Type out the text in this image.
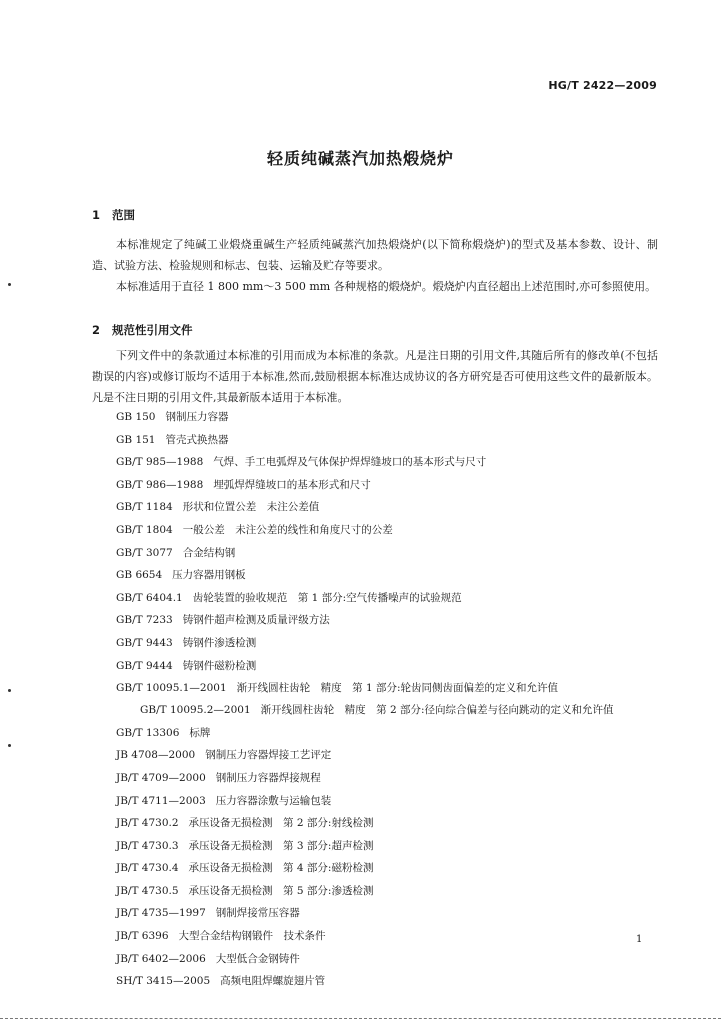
HG/T 2422—2009
轻质纯碱蒸汽加热煅烧炉
1 范围

本标准规定了纯碱工业煅烧重碱生产轻质纯碱蒸汽加热煅烧炉(以下简称煅烧炉)的型式及基本参数、设计、制造、试验方法、检验规则和标志、包装、运输及贮存等要求。

本标准适用于直径 1 800 mm～3 500 mm 各种规格的煅烧炉。煅烧炉内直径超出上述范围时,亦可参照使用。

2 规范性引用文件

下列文件中的条款通过本标准的引用而成为本标准的条款。凡是注日期的引用文件,其随后所有的修改单(不包括勘误的内容)或修订版均不适用于本标准,然而,鼓励根据本标准达成协议的各方研究是否可使用这些文件的最新版本。凡是不注日期的引用文件,其最新版本适用于本标准。

GB 150 钢制压力容器
GB 151 管壳式换热器
GB/T 985—1988 气焊、手工电弧焊及气体保护焊焊缝坡口的基本形式与尺寸
GB/T 986—1988 埋弧焊焊缝坡口的基本形式和尺寸
GB/T 1184 形状和位置公差　未注公差值
GB/T 1804 一般公差　未注公差的线性和角度尺寸的公差
GB/T 3077 合金结构钢
GB 6654 压力容器用钢板
GB/T 6404.1 齿轮装置的验收规范　第 1 部分:空气传播噪声的试验规范
GB/T 7233 铸钢件超声检测及质量评级方法
GB/T 9443 铸钢件渗透检测
GB/T 9444 铸钢件磁粉检测
GB/T 10095.1—2001 渐开线圆柱齿轮　精度　第 1 部分:轮齿同侧齿面偏差的定义和允许值
GB/T 10095.2—2001 渐开线圆柱齿轮　精度　第 2 部分:径向综合偏差与径向跳动的定义和允许值
GB/T 13306 标牌
JB 4708—2000 钢制压力容器焊接工艺评定
JB/T 4709—2000 钢制压力容器焊接规程
JB/T 4711—2003 压力容器涂敷与运输包装
JB/T 4730.2 承压设备无损检测　第 2 部分:射线检测
JB/T 4730.3 承压设备无损检测　第 3 部分:超声检测
JB/T 4730.4 承压设备无损检测　第 4 部分:磁粉检测
JB/T 4730.5 承压设备无损检测　第 5 部分:渗透检测
JB/T 4735—1997 钢制焊接常压容器
JB/T 6396 大型合金结构钢锻件　技术条件
JB/T 6402—2006 大型低合金钢铸件
SH/T 3415—2005 高频电阻焊螺旋翅片管
1
